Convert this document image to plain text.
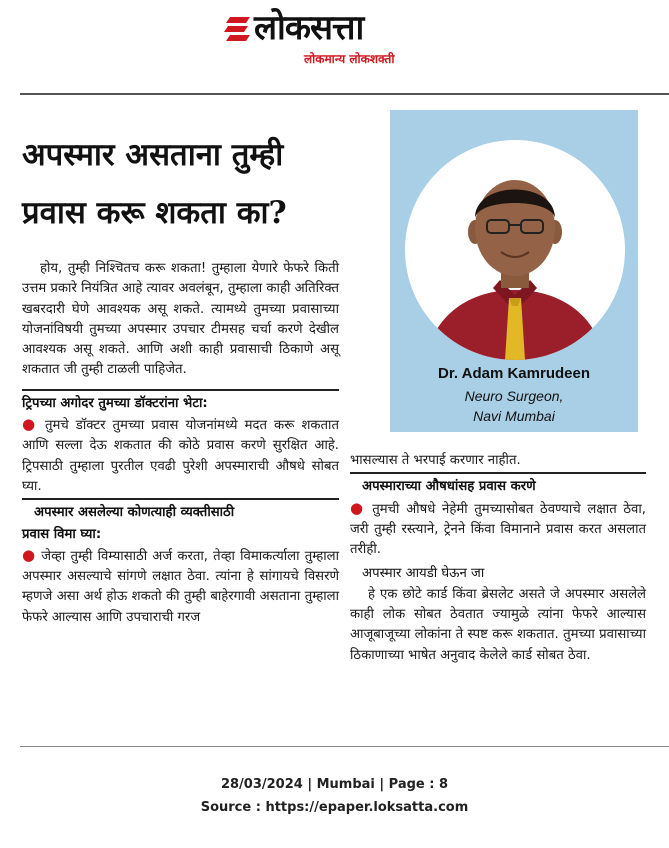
लोकसत्ता
लोकमान्य लोकशक्ती
अपस्मार असताना तुम्ही
प्रवास करू शकता का?
Dr. Adam Kamrudeen
Neuro Surgeon,
Navi Mumbai

होय, तुम्ही निश्चितच करू शकता! तुम्हाला येणारे फेफरे किती उत्तम प्रकारे नियंत्रित आहे त्यावर अवलंबून, तुम्हाला काही अतिरिक्त खबरदारी घेणे आवश्यक असू शकते. त्यामध्ये तुमच्या प्रवासाच्या योजनांविषयी तुमच्या अपस्मार उपचार टीमसह चर्चा करणे देखील आवश्यक असू शकते. आणि अशी काही प्रवासाची ठिकाणे असू शकतात जी तुम्ही टाळली पाहिजेत.

ट्रिपच्या अगोदर तुमच्या डॉक्टरांना भेटा:

● तुमचे डॉक्टर तुमच्या प्रवास योजनांमध्ये मदत करू शकतात आणि सल्ला देऊ शकतात की कोठे प्रवास करणे सुरक्षित आहे. ट्रिपसाठी तुम्हाला पुरतील एवढी पुरेशी अपस्माराची औषधे सोबत घ्या.

अपस्मार असलेल्या कोणत्याही व्यक्तीसाठी

प्रवास विमा घ्या:

● जेव्हा तुम्ही विम्यासाठी अर्ज करता, तेव्हा विमाकर्त्याला तुम्हाला अपस्मार असल्याचे सांगणे लक्षात ठेवा. त्यांना हे सांगायचे विसरणे म्हणजे असा अर्थ होऊ शकतो की तुम्ही बाहेरगावी असताना तुम्हाला फेफरे आल्यास आणि उपचाराची गरज

भासल्यास ते भरपाई करणार नाहीत.

अपस्माराच्या औषधांसह प्रवास करणे

● तुमची औषधे नेहेमी तुमच्यासोबत ठेवण्याचे लक्षात ठेवा, जरी तुम्ही रस्त्याने, ट्रेनने किंवा विमानाने प्रवास करत असलात तरीही.

अपस्मार आयडी घेऊन जा

हे एक छोटे कार्ड किंवा ब्रेसलेट असते जे अपस्मार असलेले काही लोक सोबत ठेवतात ज्यामुळे त्यांना फेफरे आल्यास आजूबाजूच्या लोकांना ते स्पष्ट करू शकतात. तुमच्या प्रवासाच्या ठिकाणाच्या भाषेत अनुवाद केलेले कार्ड सोबत ठेवा.

28/03/2024 | Mumbai | Page : 8
Source : https://epaper.loksatta.com
